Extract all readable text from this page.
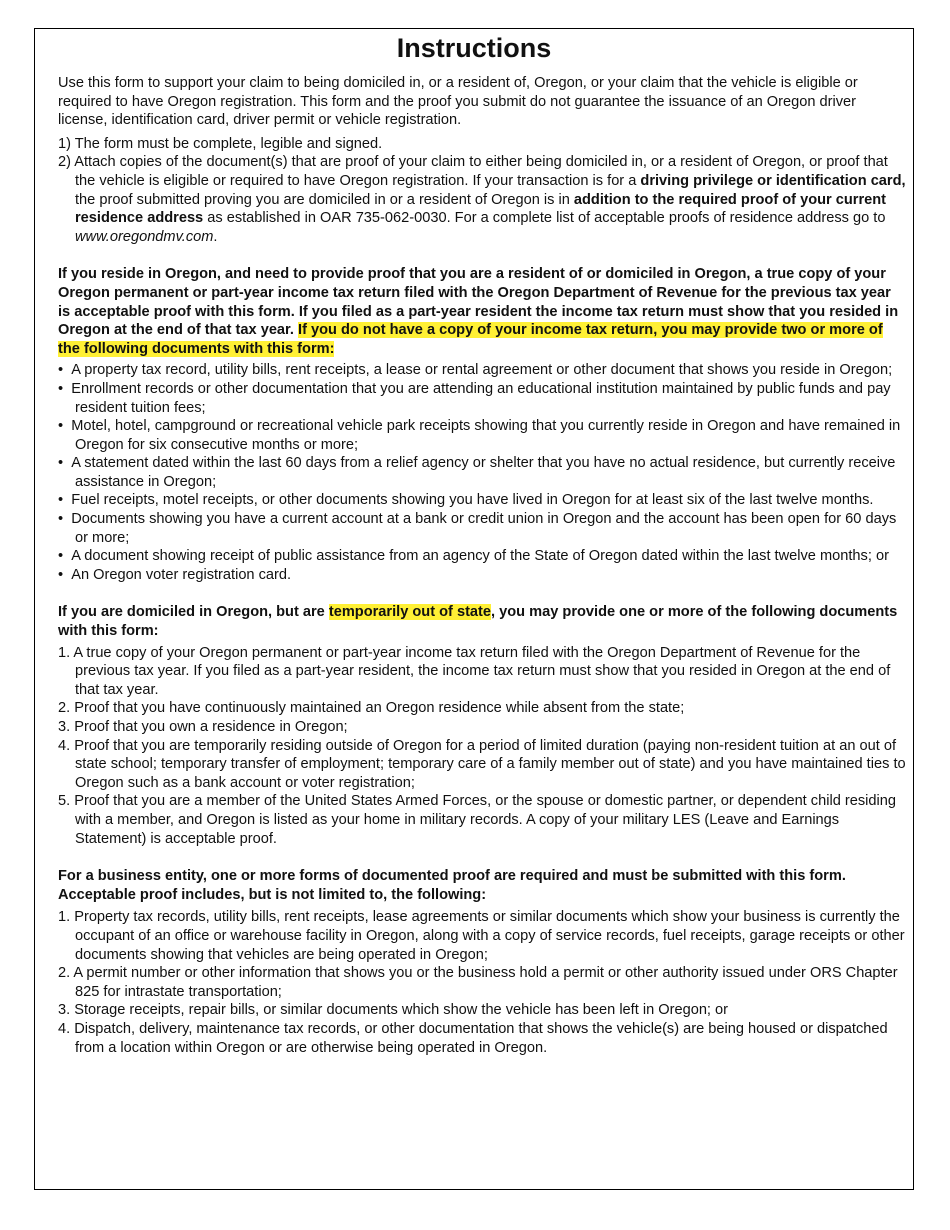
Instructions

Use this form to support your claim to being domiciled in, or a resident of, Oregon, or your claim that the vehicle is eligible or required to have Oregon registration. This form and the proof you submit do not guarantee the issuance of an Oregon driver license, identification card, driver permit or vehicle registration.

1) The form must be complete, legible and signed.

2) Attach copies of the document(s) that are proof of your claim to either being domiciled in, or a resident of Oregon, or proof that the vehicle is eligible or required to have Oregon registration. If your transaction is for a driving privilege or identification card, the proof submitted proving you are domiciled in or a resident of Oregon is in addition to the required proof of your current residence address as established in OAR 735-062-0030. For a complete list of acceptable proofs of residence address go to www.oregondmv.com.

If you reside in Oregon, and need to provide proof that you are a resident of or domiciled in Oregon, a true copy of your Oregon permanent or part-year income tax return filed with the Oregon Department of Revenue for the previous tax year is acceptable proof with this form. If you filed as a part-year resident the income tax return must show that you resided in Oregon at the end of that tax year. If you do not have a copy of your income tax return, you may provide two or more of the following documents with this form:

•  A property tax record, utility bills, rent receipts, a lease or rental agreement or other document that shows you reside in Oregon;

•  Enrollment records or other documentation that you are attending an educational institution maintained by public funds and pay resident tuition fees;

•  Motel, hotel, campground or recreational vehicle park receipts showing that you currently reside in Oregon and have remained in Oregon for six consecutive months or more;

•  A statement dated within the last 60 days from a relief agency or shelter that you have no actual residence, but currently receive assistance in Oregon;

•  Fuel receipts, motel receipts, or other documents showing you have lived in Oregon for at least six of the last twelve months.

•  Documents showing you have a current account at a bank or credit union in Oregon and the account has been open for 60 days or more;

•  A document showing receipt of public assistance from an agency of the State of Oregon dated within the last twelve months; or

•  An Oregon voter registration card.

If you are domiciled in Oregon, but are temporarily out of state, you may provide one or more of the following documents with this form:

1. A true copy of your Oregon permanent or part-year income tax return filed with the Oregon Department of Revenue for the previous tax year. If you filed as a part-year resident, the income tax return must show that you resided in Oregon at the end of that tax year.

2. Proof that you have continuously maintained an Oregon residence while absent from the state;

3. Proof that you own a residence in Oregon;

4. Proof that you are temporarily residing outside of Oregon for a period of limited duration (paying non-resident tuition at an out of state school; temporary transfer of employment; temporary care of a family member out of state) and you have maintained ties to Oregon such as a bank account or voter registration;

5. Proof that you are a member of the United States Armed Forces, or the spouse or domestic partner, or dependent child residing with a member, and Oregon is listed as your home in military records. A copy of your military LES (Leave and Earnings Statement) is acceptable proof.

For a business entity, one or more forms of documented proof are required and must be submitted with this form. Acceptable proof includes, but is not limited to, the following:

1. Property tax records, utility bills, rent receipts, lease agreements or similar documents which show your business is currently the occupant of an office or warehouse facility in Oregon, along with a copy of service records, fuel receipts, garage receipts or other documents showing that vehicles are being operated in Oregon;

2. A permit number or other information that shows you or the business hold a permit or other authority issued under ORS Chapter 825 for intrastate transportation;

3. Storage receipts, repair bills, or similar documents which show the vehicle has been left in Oregon; or

4. Dispatch, delivery, maintenance tax records, or other documentation that shows the vehicle(s) are being housed or dispatched from a location within Oregon or are otherwise being operated in Oregon.
